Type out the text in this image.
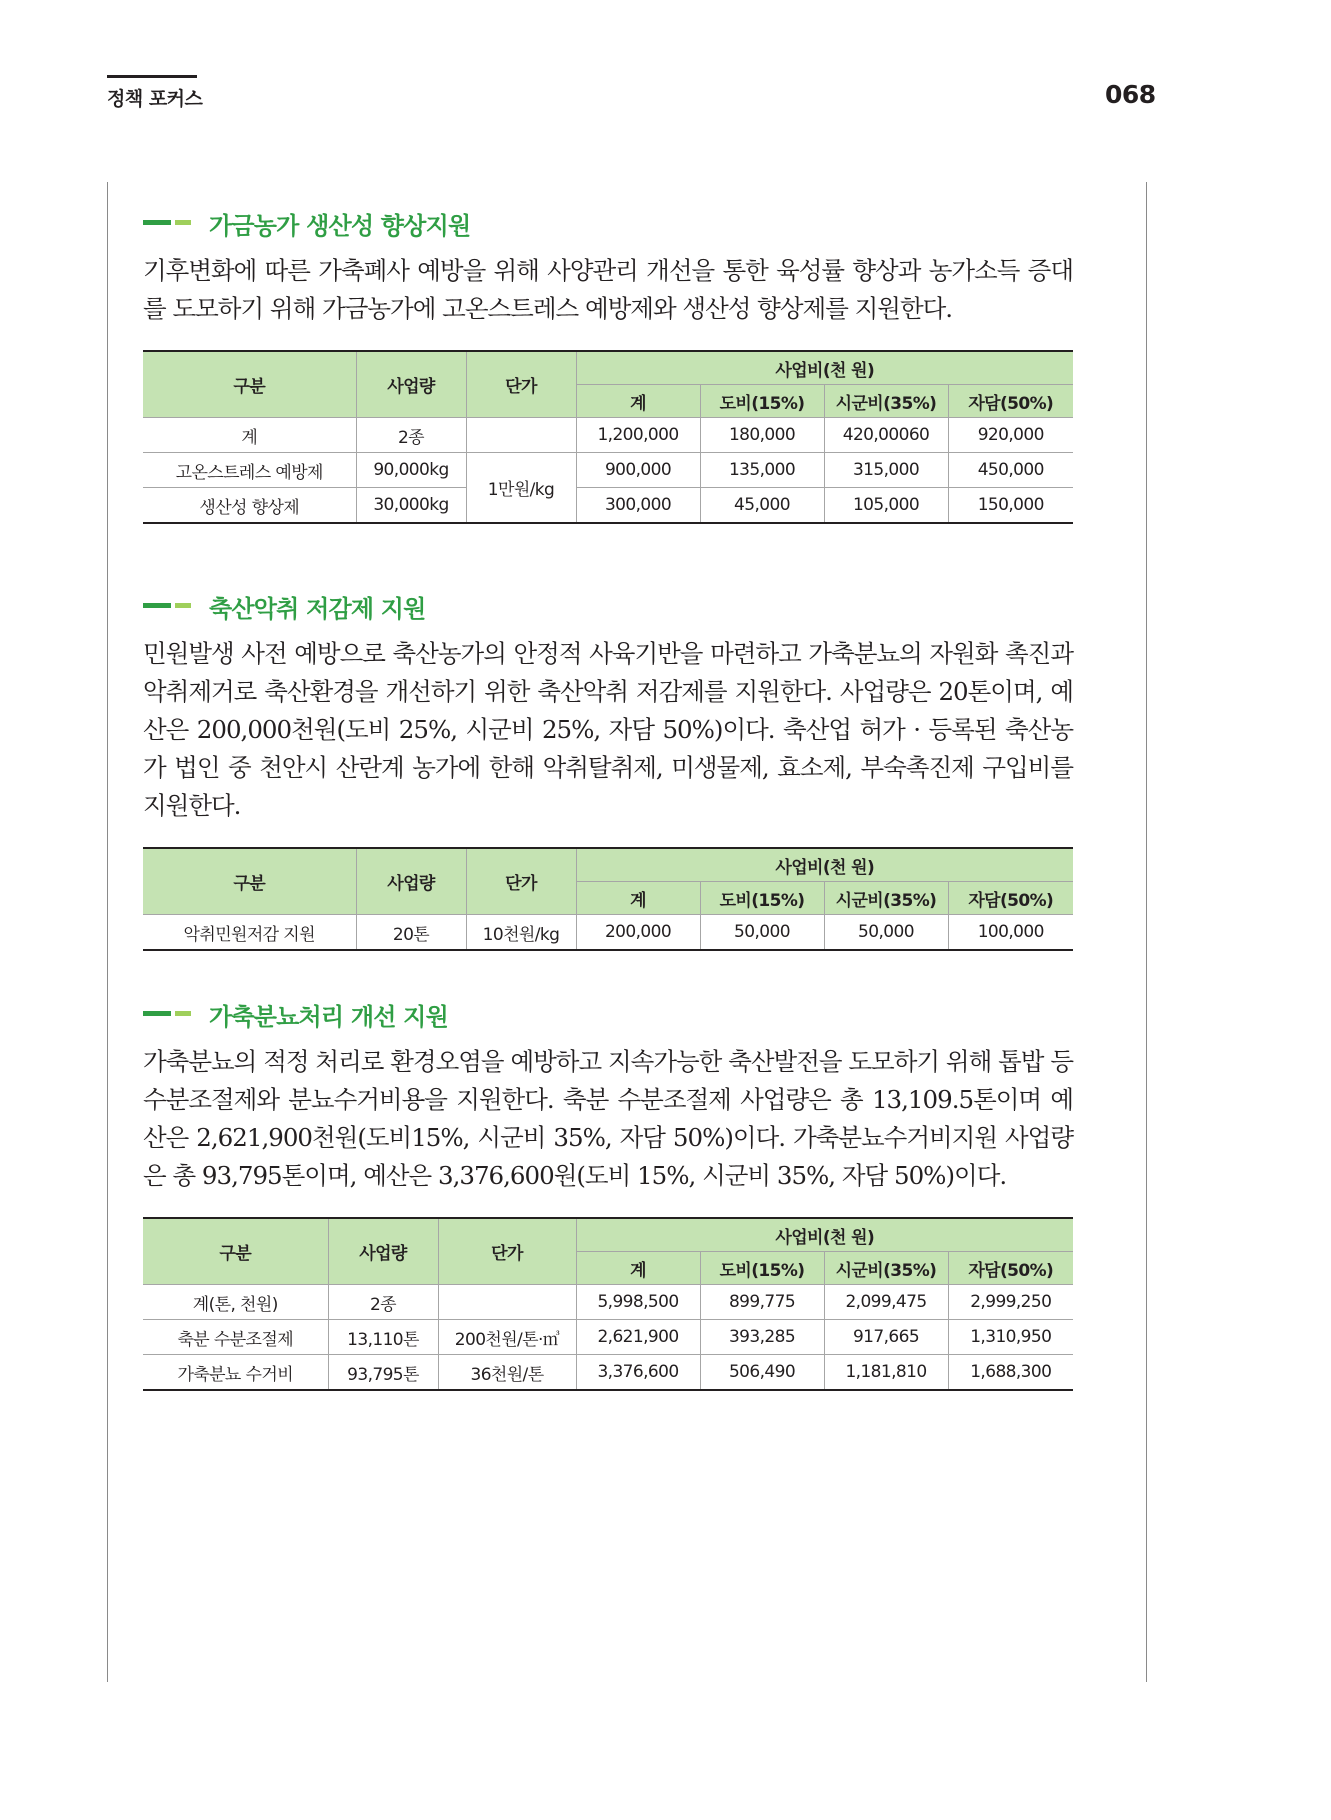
정책 포커스	068
가금농가 생산성 향상지원

기후변화에 따른 가축폐사 예방을 위해 사양관리 개선을 통한 육성률 향상과 농가소득 증대를 도모하기 위해 가금농가에 고온스트레스 예방제와 생산성 향상제를 지원한다.

구분	사업량	단가	사업비(천 원)			
			계	도비(15%)	시군비(35%)	자담(50%)
계	2종		1,200,000	180,000	420,00060	920,000
고온스트레스 예방제	90,000kg	1만원/kg	900,000	135,000	315,000	450,000
생산성 향상제	30,000kg		300,000	45,000	105,000	150,000
축산악취 저감제 지원

민원발생 사전 예방으로 축산농가의 안정적 사육기반을 마련하고 가축분뇨의 자원화 촉진과 악취제거로 축산환경을 개선하기 위한 축산악취 저감제를 지원한다. 사업량은 20톤이며, 예산은 200,000천원(도비 25%, 시군비 25%, 자담 50%)이다. 축산업 허가 · 등록된 축산농가 법인 중 천안시 산란계 농가에 한해 악취탈취제, 미생물제, 효소제, 부숙촉진제 구입비를 지원한다.

구분	사업량	단가	사업비(천 원)			
			계	도비(15%)	시군비(35%)	자담(50%)
악취민원저감 지원	20톤	10천원/kg	200,000	50,000	50,000	100,000
가축분뇨처리 개선 지원

가축분뇨의 적정 처리로 환경오염을 예방하고 지속가능한 축산발전을 도모하기 위해 톱밥 등 수분조절제와 분뇨수거비용을 지원한다. 축분 수분조절제 사업량은 총 13,109.5톤이며 예산은 2,621,900천원(도비15%, 시군비 35%, 자담 50%)이다. 가축분뇨수거비지원 사업량은 총 93,795톤이며, 예산은 3,376,600원(도비 15%, 시군비 35%, 자담 50%)이다.

구분	사업량	단가	사업비(천 원)			
			계	도비(15%)	시군비(35%)	자담(50%)
계(톤, 천원)	2종		5,998,500	899,775	2,099,475	2,999,250
축분 수분조절제	13,110톤	200천원/톤·㎥	2,621,900	393,285	917,665	1,310,950
가축분뇨 수거비	93,795톤	36천원/톤	3,376,600	506,490	1,181,810	1,688,300
